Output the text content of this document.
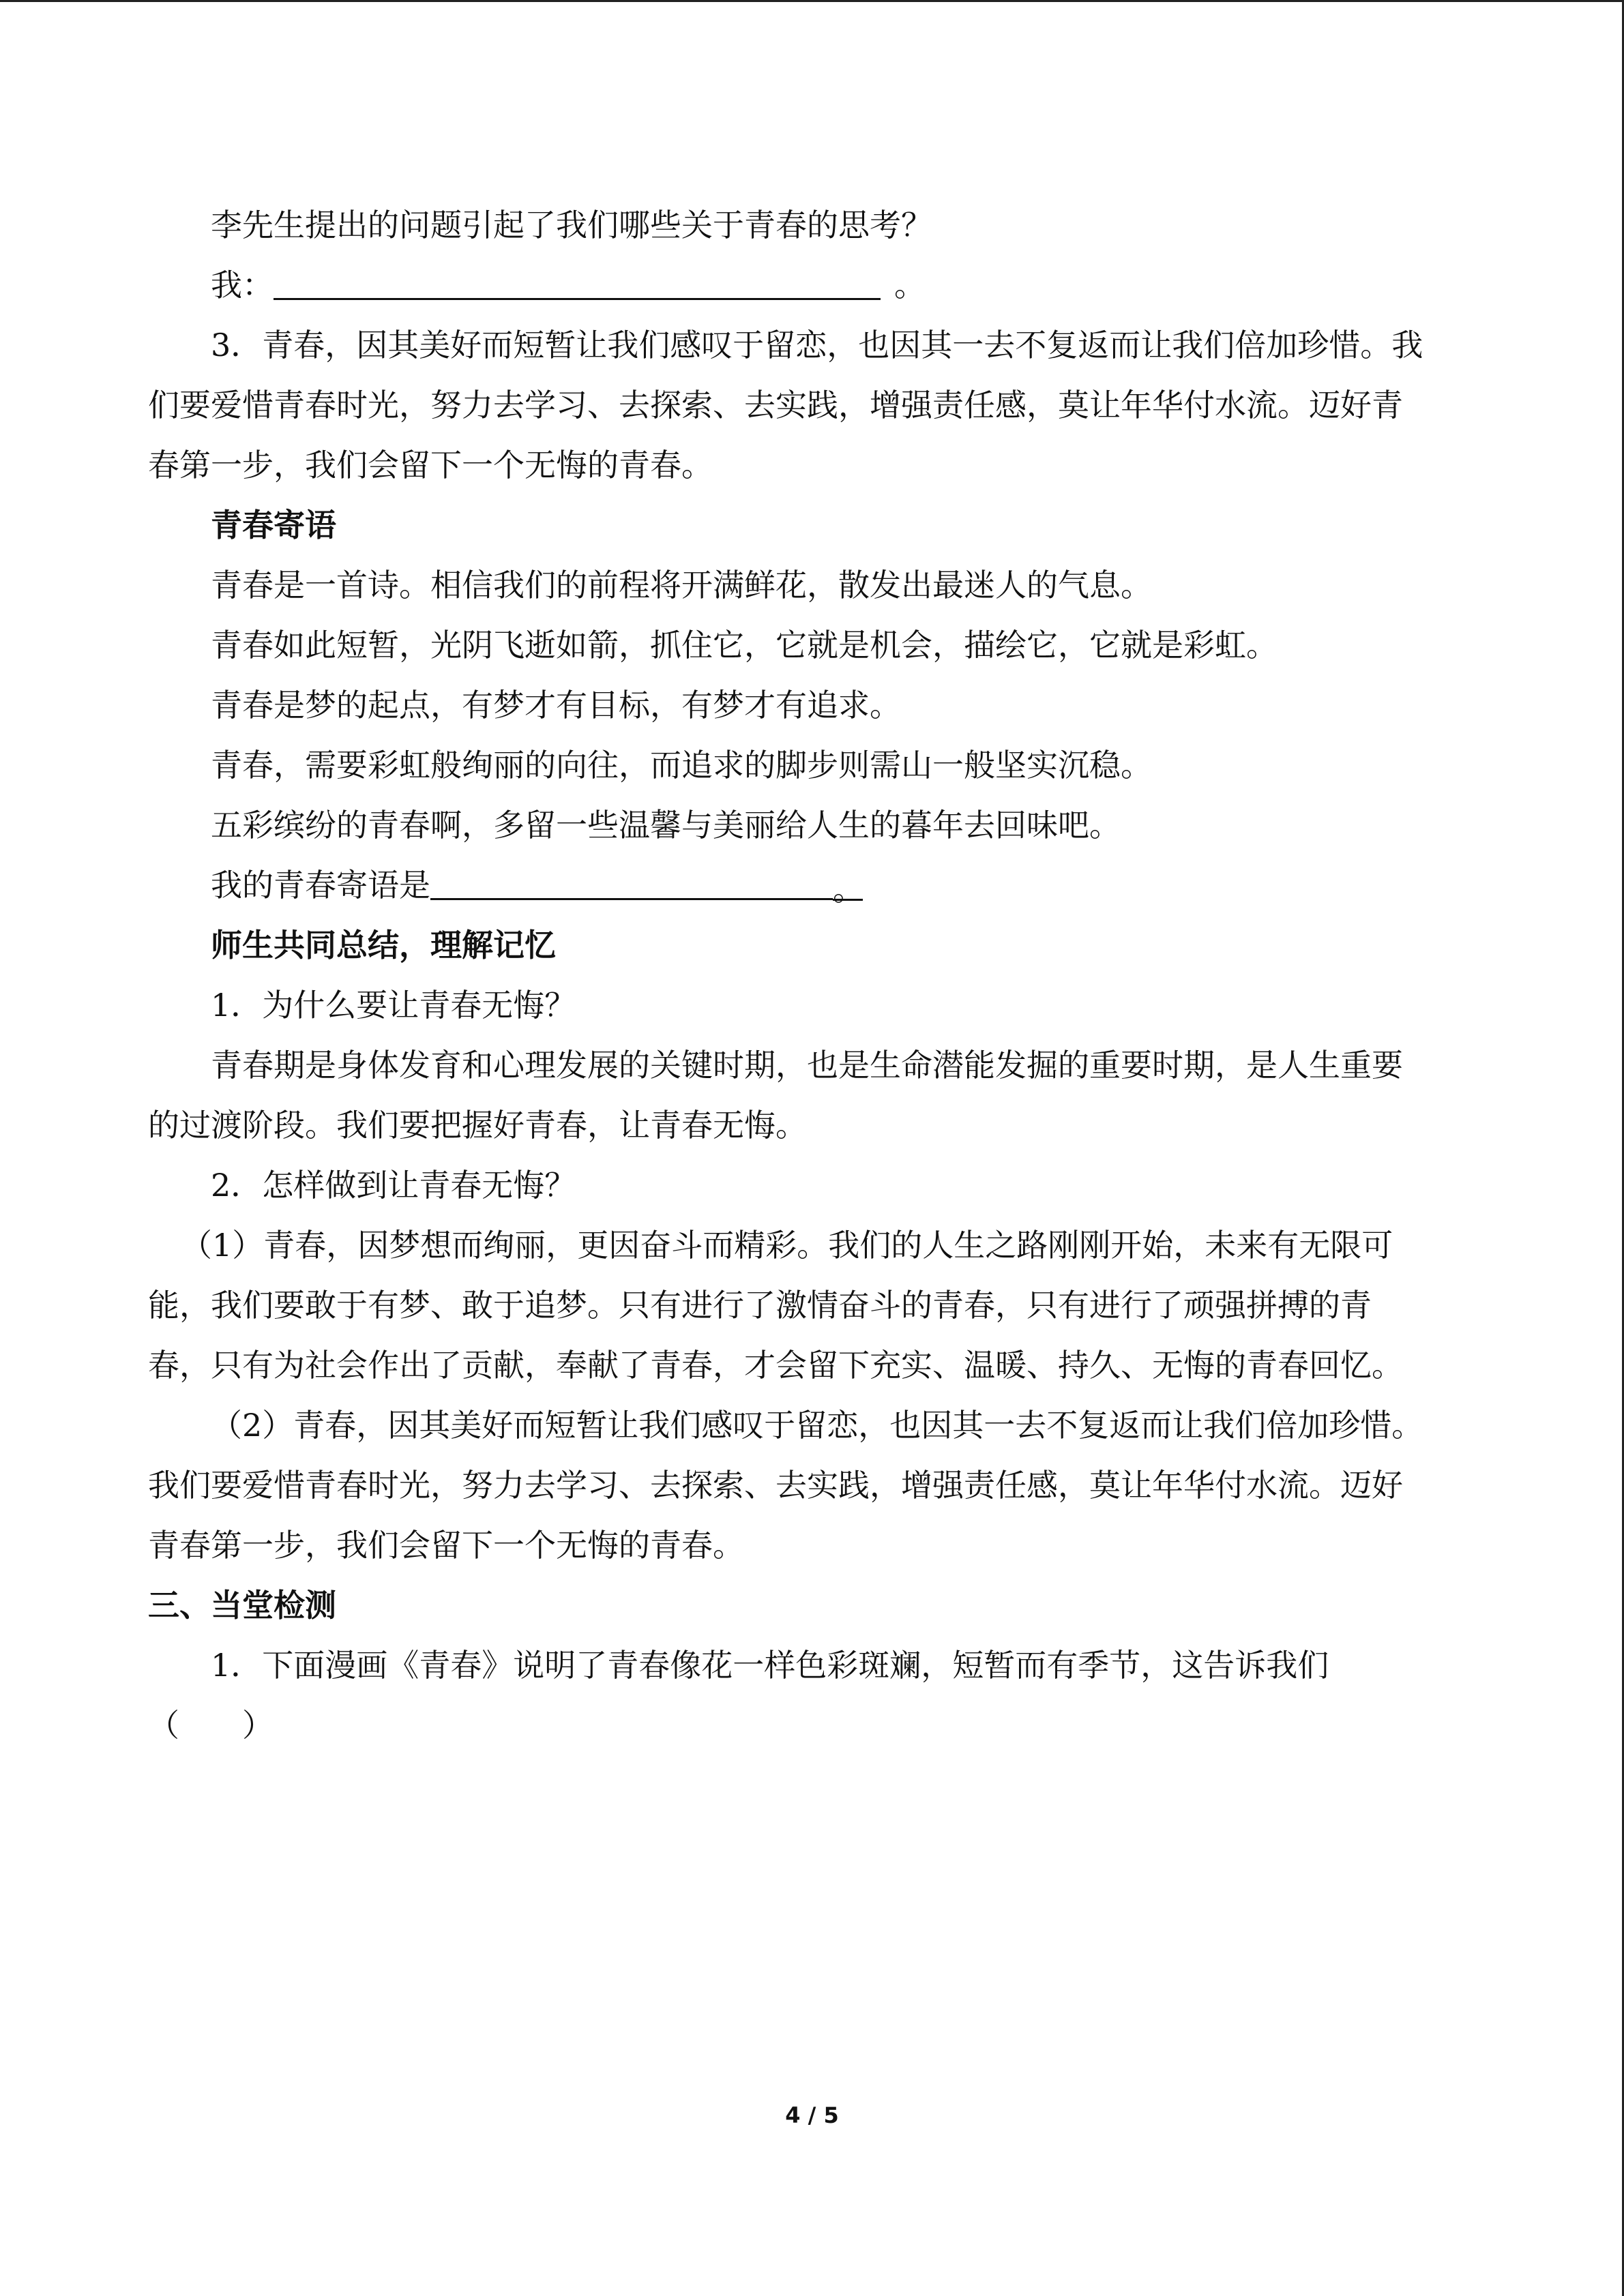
李先生提出的问题引起了我们哪些关于青春的思考？
我：	。
3．青春，因其美好而短暂让我们感叹于留恋，也因其一去不复返而让我们倍加珍惜。我
们要爱惜青春时光，努力去学习、去探索、去实践，增强责任感，莫让年华付水流。迈好青
春第一步，我们会留下一个无悔的青春。
青春寄语
青春是一首诗。相信我们的前程将开满鲜花，散发出最迷人的气息。
青春如此短暂，光阴飞逝如箭，抓住它，它就是机会，描绘它，它就是彩虹。
青春是梦的起点，有梦才有目标，有梦才有追求。
青春，需要彩虹般绚丽的向往，而追求的脚步则需山一般坚实沉稳。
五彩缤纷的青春啊，多留一些温馨与美丽给人生的暮年去回味吧。
我的青春寄语是	。
师生共同总结，理解记忆
1．为什么要让青春无悔？
青春期是身体发育和心理发展的关键时期，也是生命潜能发掘的重要时期，是人生重要
的过渡阶段。我们要把握好青春，让青春无悔。
2．怎样做到让青春无悔？
（1）青春，因梦想而绚丽，更因奋斗而精彩。我们的人生之路刚刚开始，未来有无限可
能，我们要敢于有梦、敢于追梦。只有进行了激情奋斗的青春，只有进行了顽强拼搏的青
春，只有为社会作出了贡献，奉献了青春，才会留下充实、温暖、持久、无悔的青春回忆。
（2）青春，因其美好而短暂让我们感叹于留恋，也因其一去不复返而让我们倍加珍惜。
我们要爱惜青春时光，努力去学习、去探索、去实践，增强责任感，莫让年华付水流。迈好
青春第一步，我们会留下一个无悔的青春。
三、当堂检测
1．下面漫画《青春》说明了青春像花一样色彩斑斓，短暂而有季节，这告诉我们
（　　）
4 / 5
